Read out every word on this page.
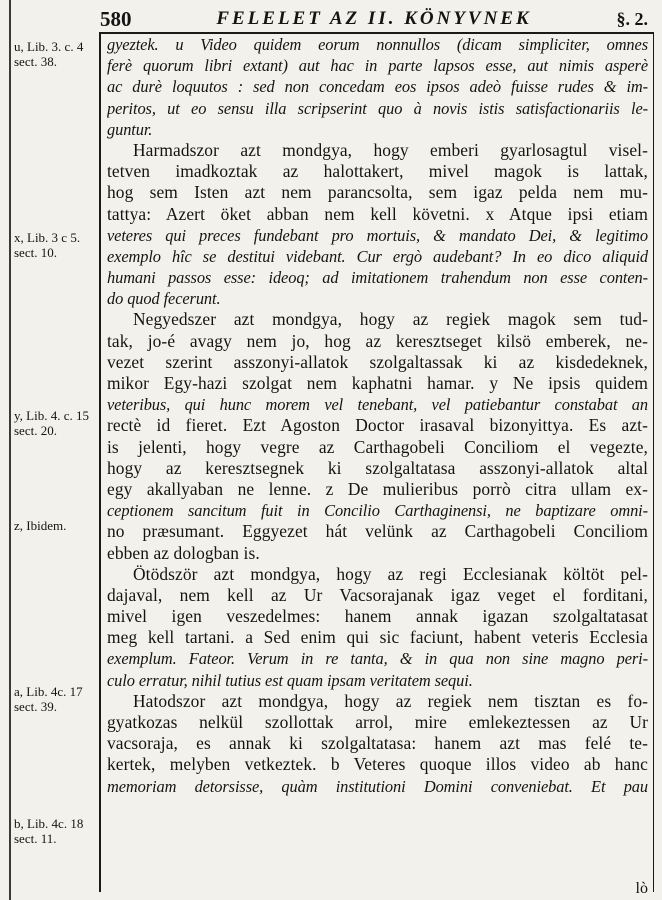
580	FELELET AZ II. KÖNYVNEK	§. 2.
u, Lib. 3. c. 4
sect. 38.
x, Lib. 3 c 5.
sect. 10.
y, Lib. 4. c. 15
sect. 20.
z, Ibidem.
a, Lib. 4c. 17
sect. 39.
b, Lib. 4c. 18
sect. 11.
gyeztek. u Video quidem eorum nonnullos (dicam simpliciter, omnes
ferè quorum libri extant) aut hac in parte lapsos esse, aut nimis asperè
ac durè loquutos : sed non concedam eos ipsos adeò fuisse rudes & im-
peritos, ut eo sensu illa scripserint quo à novis istis satisfactionariis le-
guntur.
Harmadszor azt mondgya, hogy emberi gyarlosagtul visel-
tetven imadkoztak az halottakert, mivel magok is lattak,
hog sem Isten azt nem parancsolta, sem igaz pelda nem mu-
tattya: Azert öket abban nem kell követni. x Atque ipsi etiam
veteres qui preces fundebant pro mortuis, & mandato Dei, & legitimo
exemplo hîc se destitui videbant. Cur ergò audebant? In eo dico aliquid
humani passos esse: ideoq; ad imitationem trahendum non esse conten-
do quod fecerunt.
Negyedszer azt mondgya, hogy az regiek magok sem tud-
tak, jo-é avagy nem jo, hog az keresztseget kilsö emberek, ne-
vezet szerint asszonyi-allatok szolgaltassak ki az kisdedeknek,
mikor Egy-hazi szolgat nem kaphatni hamar. y Ne ipsis quidem
veteribus, qui hunc morem vel tenebant, vel patiebantur constabat an
rectè id fieret. Ezt Agoston Doctor irasaval bizonyittya. Es azt-
is jelenti, hogy vegre az Carthagobeli Conciliom el vegezte,
hogy az keresztsegnek ki szolgaltatasa asszonyi-allatok altal
egy akallyaban ne lenne. z De mulieribus porrò citra ullam ex-
ceptionem sancitum fuit in Concilio Carthaginensi, ne baptizare omni-
no præsumant. Eggyezet hát velünk az Carthagobeli Conciliom
ebben az dologban is.
Ötödször azt mondgya, hogy az regi Ecclesianak költöt pel-
dajaval, nem kell az Ur Vacsorajanak igaz veget el forditani,
mivel igen veszedelmes: hanem annak igazan szolgaltatasat
meg kell tartani. a Sed enim qui sic faciunt, habent veteris Ecclesia
exemplum. Fateor. Verum in re tanta, & in qua non sine magno peri-
culo erratur, nihil tutius est quam ipsam veritatem sequi.
Hatodszor azt mondgya, hogy az regiek nem tisztan es fo-
gyatkozas nelkül szollottak arrol, mire emlekeztessen az Ur
vacsoraja, es annak ki szolgaltatasa: hanem azt mas felé te-
kertek, melyben vetkeztek. b Veteres quoque illos video ab hanc
memoriam detorsisse, quàm institutioni Domini conveniebat. Et pau
lò
